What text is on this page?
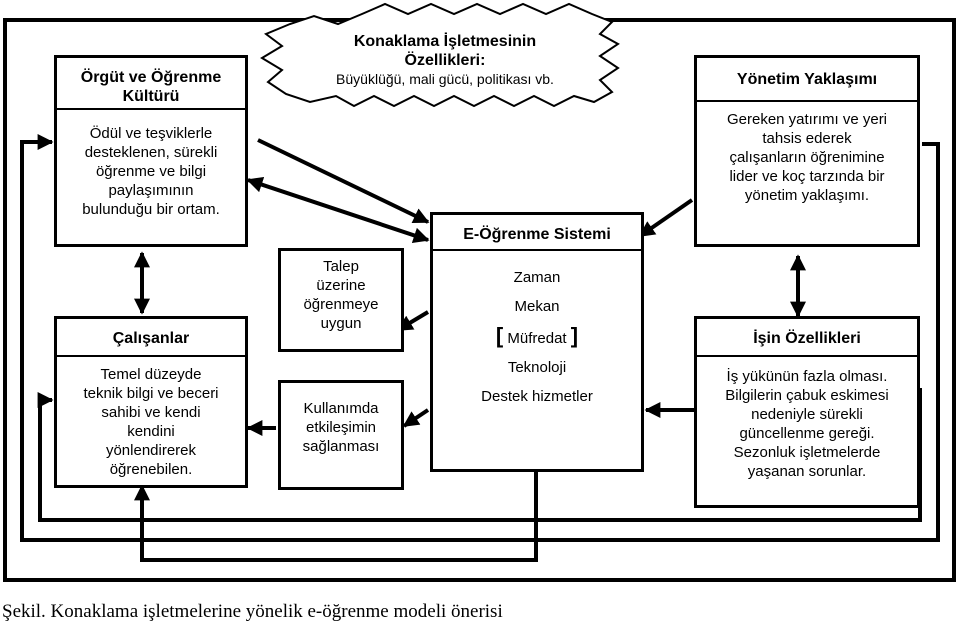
Örgüt ve Öğrenme Kültürü
Ödül ve teşviklerle
desteklenen, sürekli
öğrenme ve bilgi
paylaşımının
bulunduğu bir ortam.
Konaklama İşletmesinin
Özellikleri:
Büyüklüğü, mali gücü, politikası vb.	Yönetim Yaklaşımı
Gereken yatırımı ve yeri
tahsis ederek
çalışanların öğrenimine
lider ve koç tarzında bir
yönetim yaklaşımı.
Çalışanlar
Temel düzeyde
teknik bilgi ve beceri
sahibi ve kendi
kendini
yönlendirerek
öğrenebilen.
Talep
üzerine
öğrenmeye
uygun
Kullanımda
etkileşimin
sağlanması
E-Öğrenme Sistemi
Zaman
Mekan
[ Müfredat ]
Teknoloji
Destek hizmetler
İşin Özellikleri
İş yükünün fazla olması.
Bilgilerin çabuk eskimesi
nedeniyle sürekli
güncellenme gereği.
Sezonluk işletmelerde
yaşanan sorunlar.
Şekil. Konaklama işletmelerine yönelik e-öğrenme modeli önerisi
